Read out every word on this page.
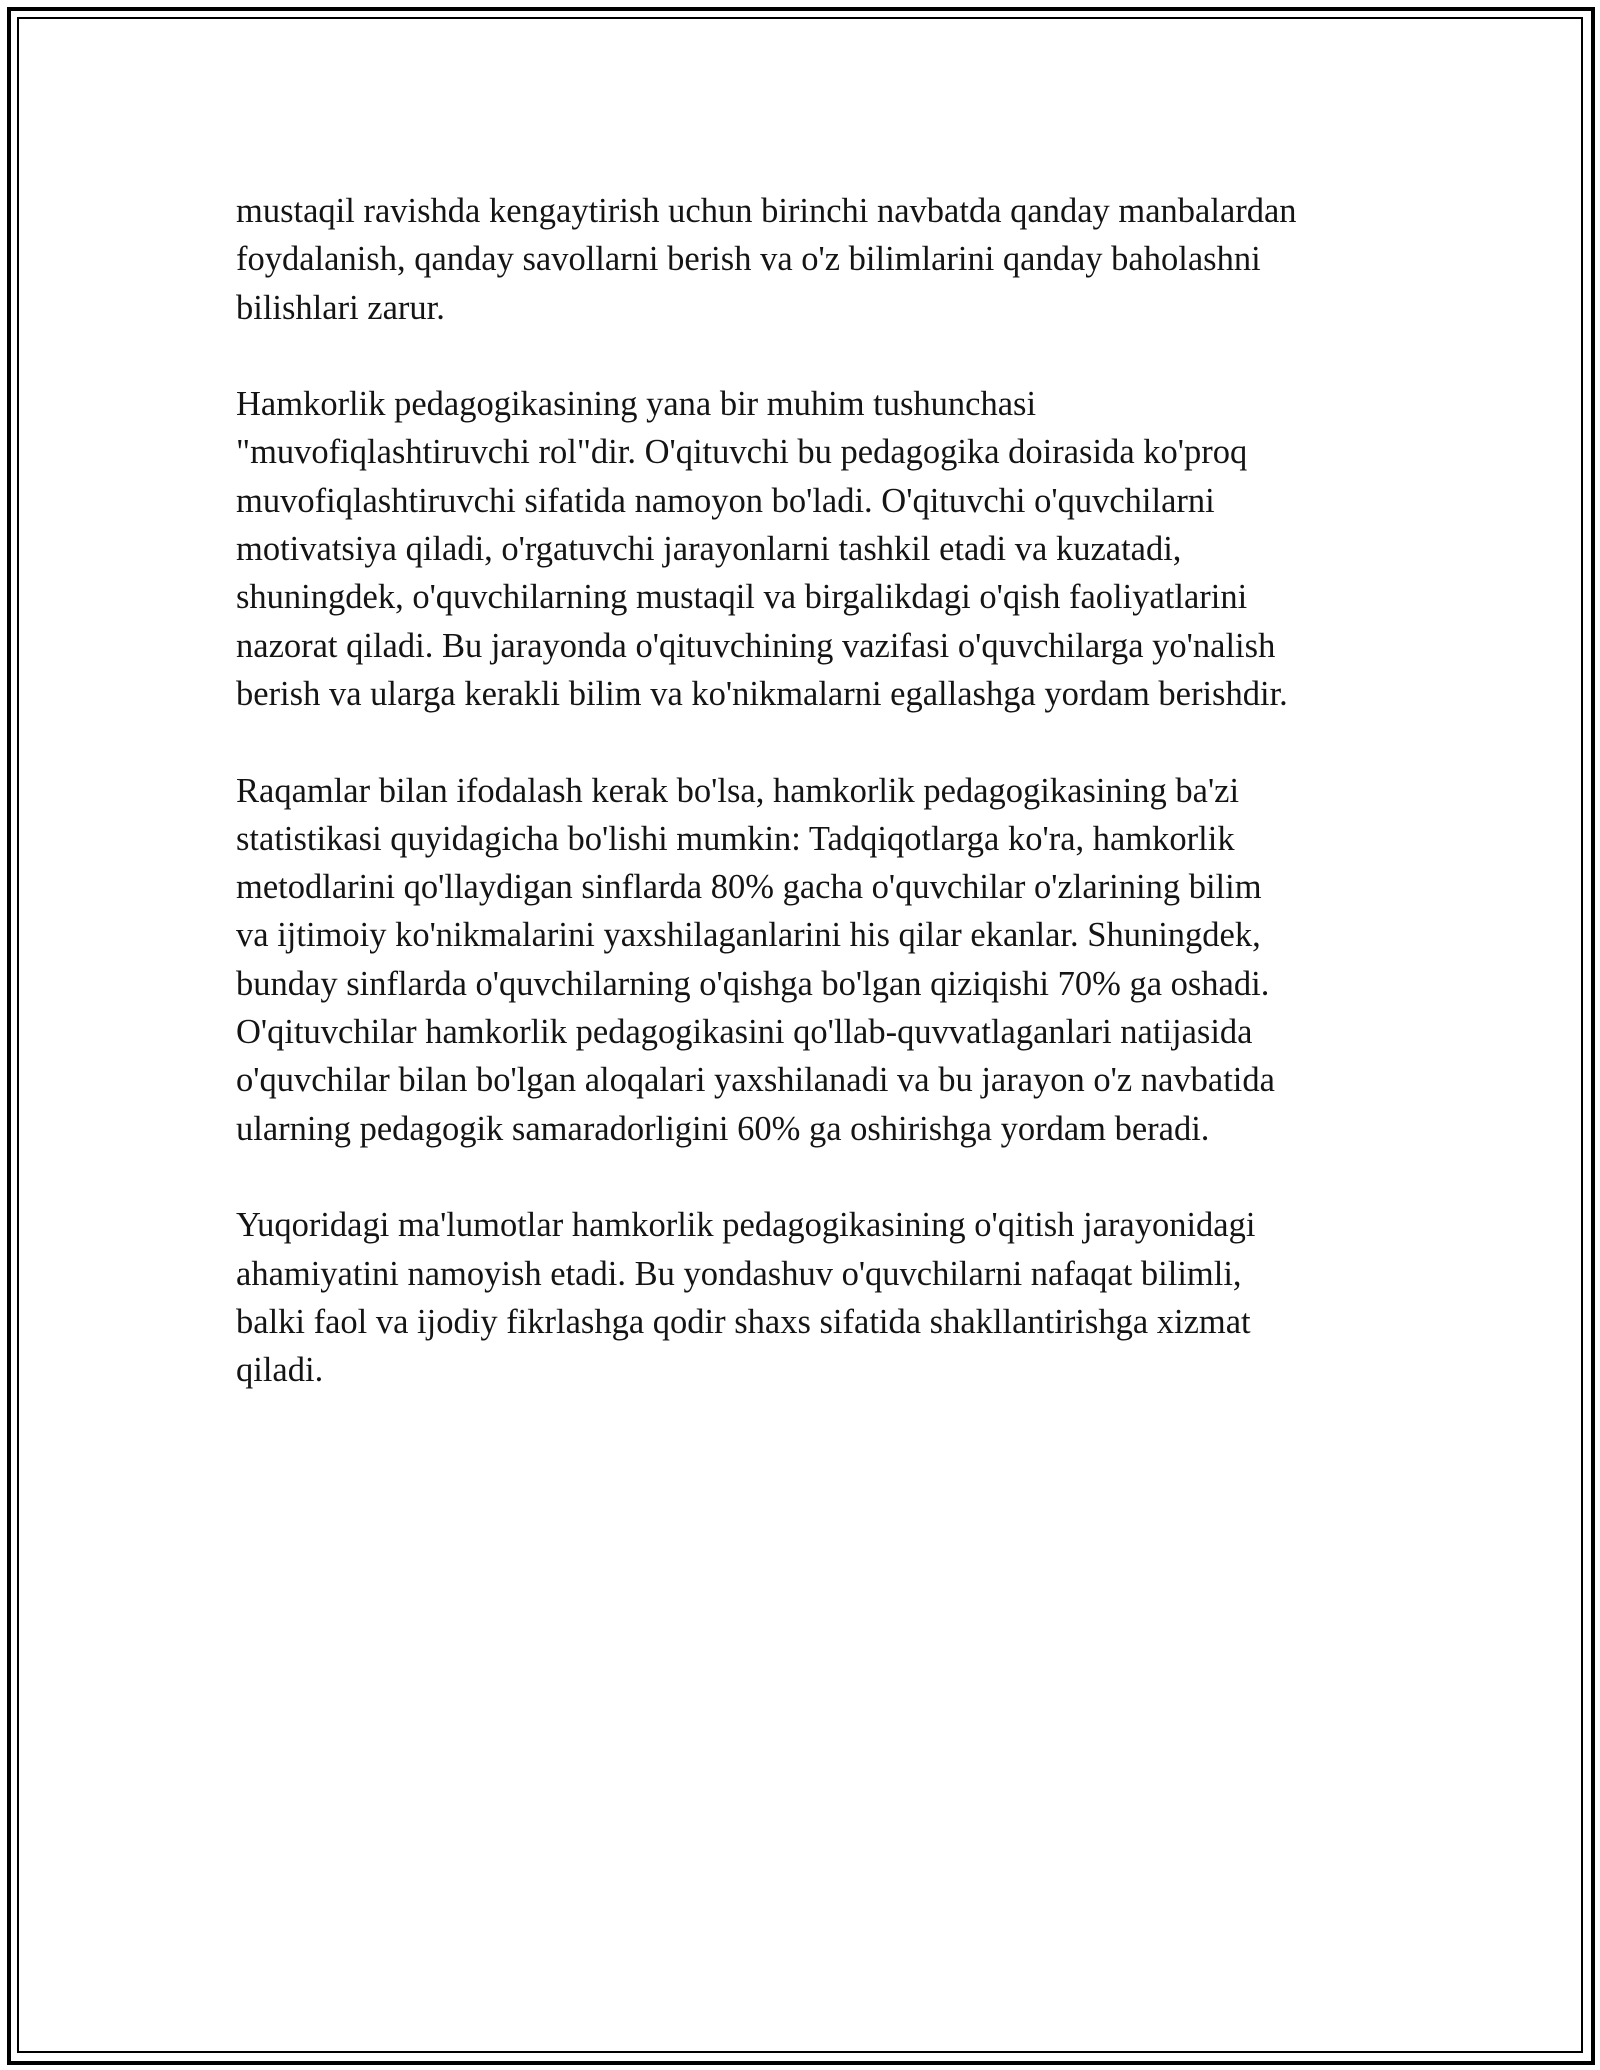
mustaqil ravishda kengaytirish uchun birinchi navbatda qanday manbalardan
foydalanish, qanday savollarni berish va o'z bilimlarini qanday baholashni
bilishlari zarur.

Hamkorlik pedagogikasining yana bir muhim tushunchasi
"muvofiqlashtiruvchi rol"dir. O'qituvchi bu pedagogika doirasida ko'proq
muvofiqlashtiruvchi sifatida namoyon bo'ladi. O'qituvchi o'quvchilarni
motivatsiya qiladi, o'rgatuvchi jarayonlarni tashkil etadi va kuzatadi,
shuningdek, o'quvchilarning mustaqil va birgalikdagi o'qish faoliyatlarini
nazorat qiladi. Bu jarayonda o'qituvchining vazifasi o'quvchilarga yo'nalish
berish va ularga kerakli bilim va ko'nikmalarni egallashga yordam berishdir.

Raqamlar bilan ifodalash kerak bo'lsa, hamkorlik pedagogikasining ba'zi
statistikasi quyidagicha bo'lishi mumkin: Tadqiqotlarga ko'ra, hamkorlik
metodlarini qo'llaydigan sinflarda 80% gacha o'quvchilar o'zlarining bilim
va ijtimoiy ko'nikmalarini yaxshilaganlarini his qilar ekanlar. Shuningdek,
bunday sinflarda o'quvchilarning o'qishga bo'lgan qiziqishi 70% ga oshadi.
O'qituvchilar hamkorlik pedagogikasini qo'llab-quvvatlaganlari natijasida
o'quvchilar bilan bo'lgan aloqalari yaxshilanadi va bu jarayon o'z navbatida
ularning pedagogik samaradorligini 60% ga oshirishga yordam beradi.

Yuqoridagi ma'lumotlar hamkorlik pedagogikasining o'qitish jarayonidagi
ahamiyatini namoyish etadi. Bu yondashuv o'quvchilarni nafaqat bilimli,
balki faol va ijodiy fikrlashga qodir shaxs sifatida shakllantirishga xizmat
qiladi.
